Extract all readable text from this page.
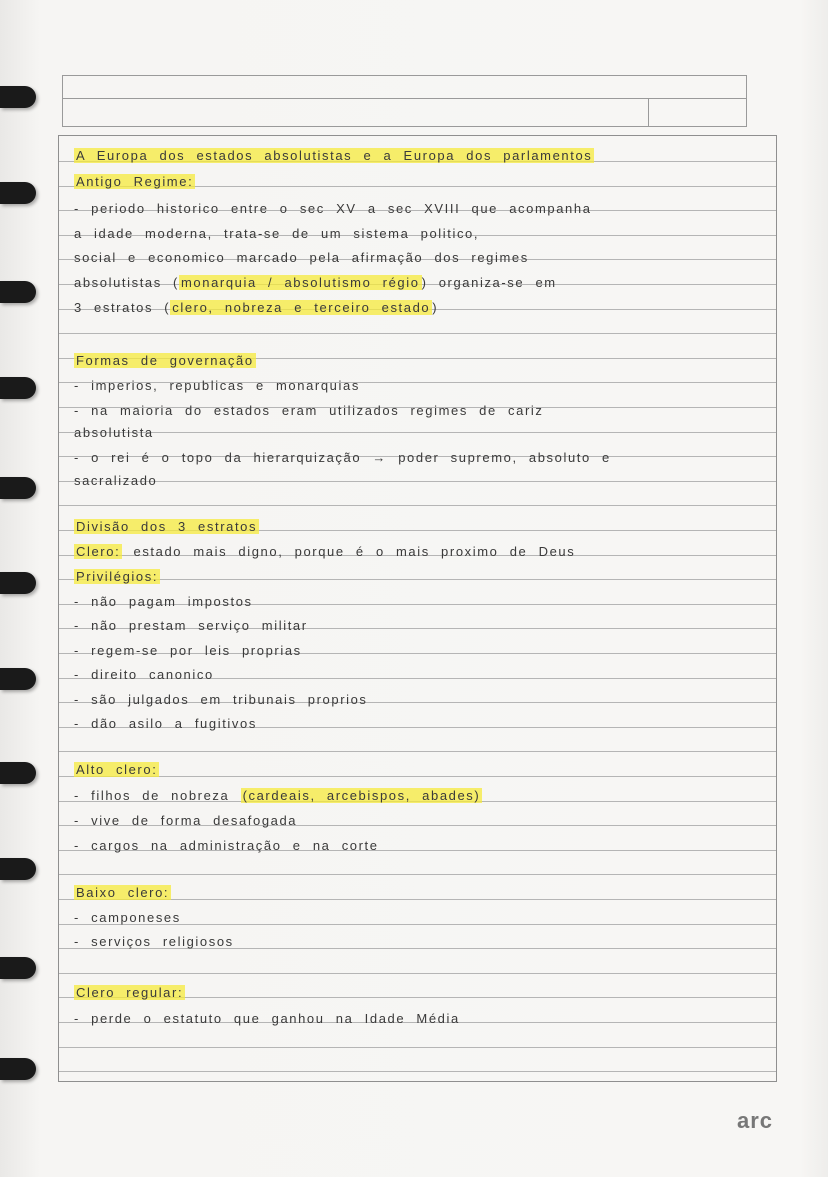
A Europa dos estados absolutistas e a Europa dos parlamentos
Antigo Regime:
- periodo historico entre o sec XV a sec XVIII que acompanha
a idade moderna, trata-se de um sistema politico,
social e economico marcado pela afirmação dos regimes
absolutistas ( monarquia / absolutismo régio ) organiza-se em
3 estratos ( clero, nobreza e terceiro estado )
Formas de governação
- imperios, republicas e monarquias
- na maioria do estados eram utilizados regimes de cariz
absolutista
- o rei é o topo da hierarquização → poder supremo, absoluto e
sacralizado
Divisão dos 3 estratos
Clero: estado mais digno, porque é o mais proximo de Deus
Privilégios:
- não pagam impostos
- não prestam serviço militar
- regem-se por leis proprias
- direito canonico
- são julgados em tribunais proprios
- dão asilo a fugitivos
Alto clero:
- filhos de nobreza (cardeais, arcebispos, abades)
- vive de forma desafogada
- cargos na administração e na corte
Baixo clero:
- camponeses
- serviços religiosos
Clero regular:
- perde o estatuto que ganhou na Idade Média
arc
